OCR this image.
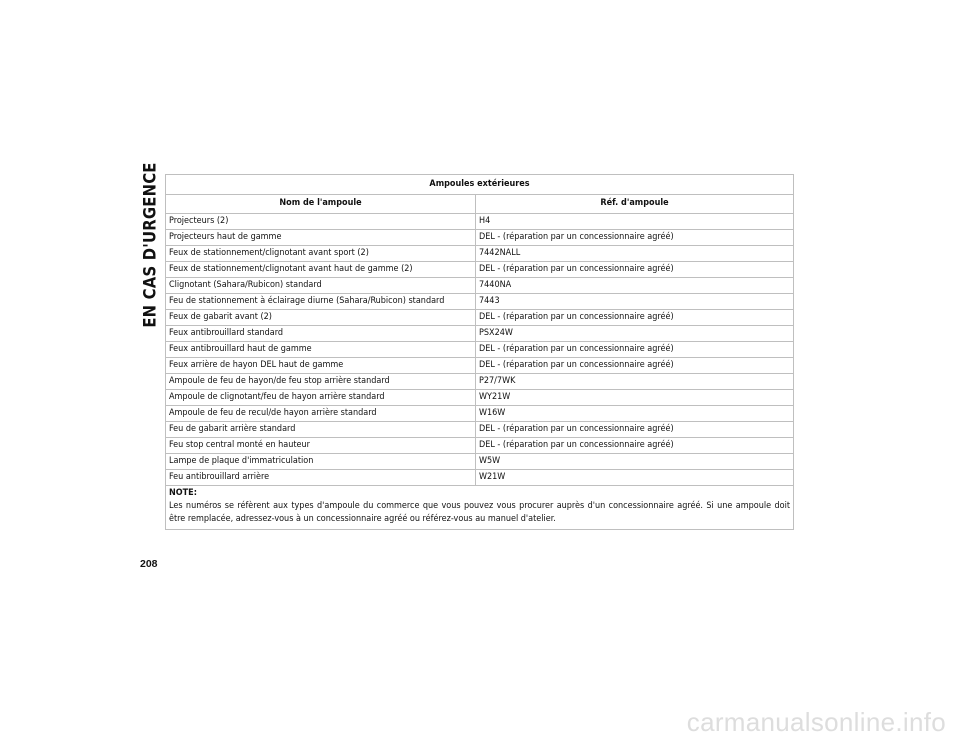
EN CAS D'URGENCE	Ampoules extérieures	
Nom de l'ampoule	Réf. d'ampoule
Projecteurs (2)	H4
Projecteurs haut de gamme	DEL - (réparation par un concessionnaire agréé)
Feux de stationnement/clignotant avant sport (2)	7442NALL
Feux de stationnement/clignotant avant haut de gamme (2)	DEL - (réparation par un concessionnaire agréé)
Clignotant (Sahara/Rubicon) standard	7440NA
Feu de stationnement à éclairage diurne (Sahara/Rubicon) standard	7443
Feux de gabarit avant (2)	DEL - (réparation par un concessionnaire agréé)
Feux antibrouillard standard	PSX24W
Feux antibrouillard haut de gamme	DEL - (réparation par un concessionnaire agréé)
Feux arrière de hayon DEL haut de gamme	DEL - (réparation par un concessionnaire agréé)
Ampoule de feu de hayon/de feu stop arrière standard	P27/7WK
Ampoule de clignotant/feu de hayon arrière standard	WY21W
Ampoule de feu de recul/de hayon arrière standard	W16W
Feu de gabarit arrière standard	DEL - (réparation par un concessionnaire agréé)
Feu stop central monté en hauteur	DEL - (réparation par un concessionnaire agréé)
Lampe de plaque d'immatriculation	W5W
Feu antibrouillard arrière	W21W

NOTE:
Les numéros se réfèrent aux types d'ampoule du commerce que vous pouvez vous procurer auprès d'un concessionnaire agréé. Si une ampoule doit être remplacée, adressez-vous à un concessionnaire agréé ou référez-vous au manuel d'atelier.	
208
carmanualsonline.info
